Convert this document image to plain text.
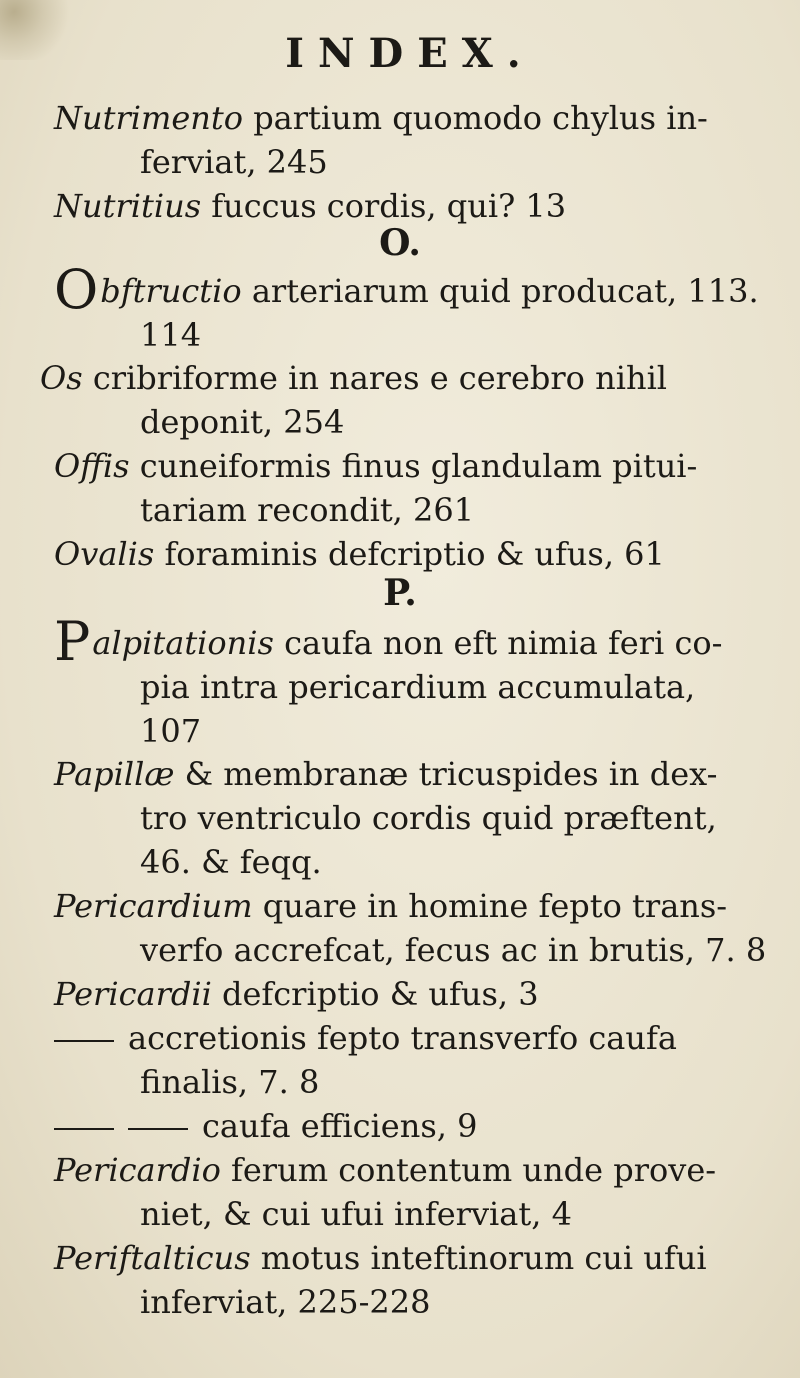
INDEX.
Nutrimento partium quomodo chylus in-
ferviat, 245
Nutritius fuccus cordis, qui? 13
O.
Obftructio arteriarum quid producat, 113.
114
Os cribriforme in nares e cerebro nihil
deponit, 254
Offis cuneiformis finus glandulam pitui-
tariam recondit, 261
Ovalis foraminis defcriptio & ufus, 61
P.
Palpitationis caufa non eft nimia feri co-
pia intra pericardium accumulata,
107
Papillæ & membranæ tricuspides in dex-
tro ventriculo cordis quid præftent,
46. & feqq.
Pericardium quare in homine fepto trans-
verfo accrefcat, fecus ac in brutis, 7. 8
Pericardii defcriptio & ufus, 3
accretionis fepto transverfo caufa
finalis, 7. 8
caufa efficiens, 9
Pericardio ferum contentum unde prove-
niet, & cui ufui inferviat, 4
Periftalticus motus inteftinorum cui ufui
inferviat, 225-228
